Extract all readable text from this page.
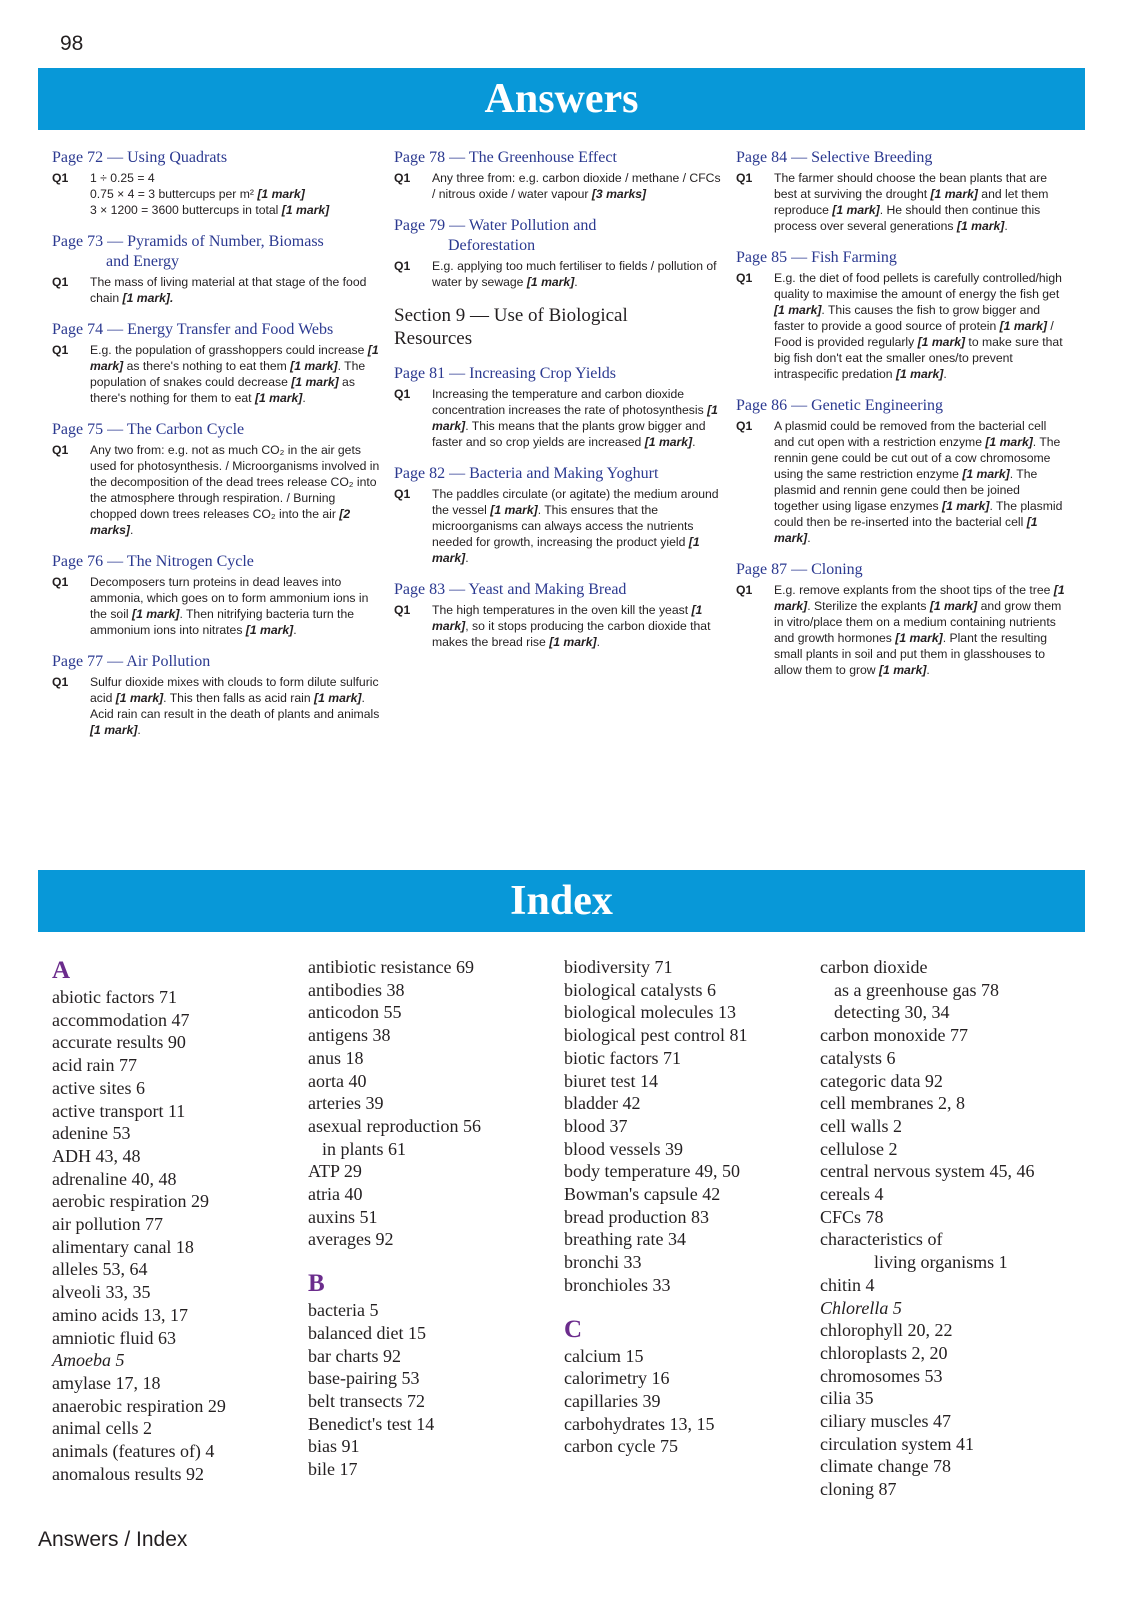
98
Answers
Page 72 — Using Quadrats
Q1	1 ÷ 0.25 = 4
0.75 × 4 = 3 buttercups per m² [1 mark]
3 × 1200 = 3600 buttercups in total [1 mark]
Page 73 — Pyramids of Number, Biomass
and Energy
Q1	The mass of living material at that stage of the food chain [1 mark].
Page 74 — Energy Transfer and Food Webs
Q1	E.g. the population of grasshoppers could increase [1 mark] as there's nothing to eat them [1 mark]. The population of snakes could decrease [1 mark] as there's nothing for them to eat [1 mark].
Page 75 — The Carbon Cycle
Q1	Any two from: e.g. not as much CO₂ in the air gets used for photosynthesis. / Microorganisms involved in the decomposition of the dead trees release CO₂ into the atmosphere through respiration. / Burning chopped down trees releases CO₂ into the air [2 marks].
Page 76 — The Nitrogen Cycle
Q1	Decomposers turn proteins in dead leaves into ammonia, which goes on to form ammonium ions in the soil [1 mark]. Then nitrifying bacteria turn the ammonium ions into nitrates [1 mark].
Page 77 — Air Pollution
Q1	Sulfur dioxide mixes with clouds to form dilute sulfuric acid [1 mark]. This then falls as acid rain [1 mark]. Acid rain can result in the death of plants and animals [1 mark].
Page 78 — The Greenhouse Effect
Q1	Any three from: e.g. carbon dioxide / methane / CFCs / nitrous oxide / water vapour [3 marks]
Page 79 — Water Pollution and
Deforestation
Q1	E.g. applying too much fertiliser to fields / pollution of water by sewage [1 mark].
Section 9 — Use of Biological
Resources
Page 81 — Increasing Crop Yields
Q1	Increasing the temperature and carbon dioxide concentration increases the rate of photosynthesis [1 mark]. This means that the plants grow bigger and faster and so crop yields are increased [1 mark].
Page 82 — Bacteria and Making Yoghurt
Q1	The paddles circulate (or agitate) the medium around the vessel [1 mark]. This ensures that the microorganisms can always access the nutrients needed for growth, increasing the product yield [1 mark].
Page 83 — Yeast and Making Bread
Q1	The high temperatures in the oven kill the yeast [1 mark], so it stops producing the carbon dioxide that makes the bread rise [1 mark].
Page 84 — Selective Breeding
Q1	The farmer should choose the bean plants that are best at surviving the drought [1 mark] and let them reproduce [1 mark]. He should then continue this process over several generations [1 mark].
Page 85 — Fish Farming
Q1	E.g. the diet of food pellets is carefully controlled/high quality to maximise the amount of energy the fish get [1 mark]. This causes the fish to grow bigger and faster to provide a good source of protein [1 mark] / Food is provided regularly [1 mark] to make sure that big fish don't eat the smaller ones/to prevent intraspecific predation [1 mark].
Page 86 — Genetic Engineering
Q1	A plasmid could be removed from the bacterial cell and cut open with a restriction enzyme [1 mark]. The rennin gene could be cut out of a cow chromosome using the same restriction enzyme [1 mark]. The plasmid and rennin gene could then be joined together using ligase enzymes [1 mark]. The plasmid could then be re-inserted into the bacterial cell [1 mark].
Page 87 — Cloning
Q1	E.g. remove explants from the shoot tips of the tree [1 mark]. Sterilize the explants [1 mark] and grow them in vitro/place them on a medium containing nutrients and growth hormones [1 mark]. Plant the resulting small plants in soil and put them in glasshouses to allow them to grow [1 mark].
Index
A
abiotic factors 71
accommodation 47
accurate results 90
acid rain 77
active sites 6
active transport 11
adenine 53
ADH 43, 48
adrenaline 40, 48
aerobic respiration 29
air pollution 77
alimentary canal 18
alleles 53, 64
alveoli 33, 35
amino acids 13, 17
amniotic fluid 63
Amoeba 5
amylase 17, 18
anaerobic respiration 29
animal cells 2
animals (features of) 4
anomalous results 92
antibiotic resistance 69
antibodies 38
anticodon 55
antigens 38
anus 18
aorta 40
arteries 39
asexual reproduction 56
in plants 61
ATP 29
atria 40
auxins 51
averages 92
B
bacteria 5
balanced diet 15
bar charts 92
base-pairing 53
belt transects 72
Benedict's test 14
bias 91
bile 17
biodiversity 71
biological catalysts 6
biological molecules 13
biological pest control 81
biotic factors 71
biuret test 14
bladder 42
blood 37
blood vessels 39
body temperature 49, 50
Bowman's capsule 42
bread production 83
breathing rate 34
bronchi 33
bronchioles 33
C
calcium 15
calorimetry 16
capillaries 39
carbohydrates 13, 15
carbon cycle 75
carbon dioxide
as a greenhouse gas 78
detecting 30, 34
carbon monoxide 77
catalysts 6
categoric data 92
cell membranes 2, 8
cell walls 2
cellulose 2
central nervous system 45, 46
cereals 4
CFCs 78
characteristics of
living organisms 1
chitin 4
Chlorella 5
chlorophyll 20, 22
chloroplasts 2, 20
chromosomes 53
cilia 35
ciliary muscles 47
circulation system 41
climate change 78
cloning 87
Answers / Index
